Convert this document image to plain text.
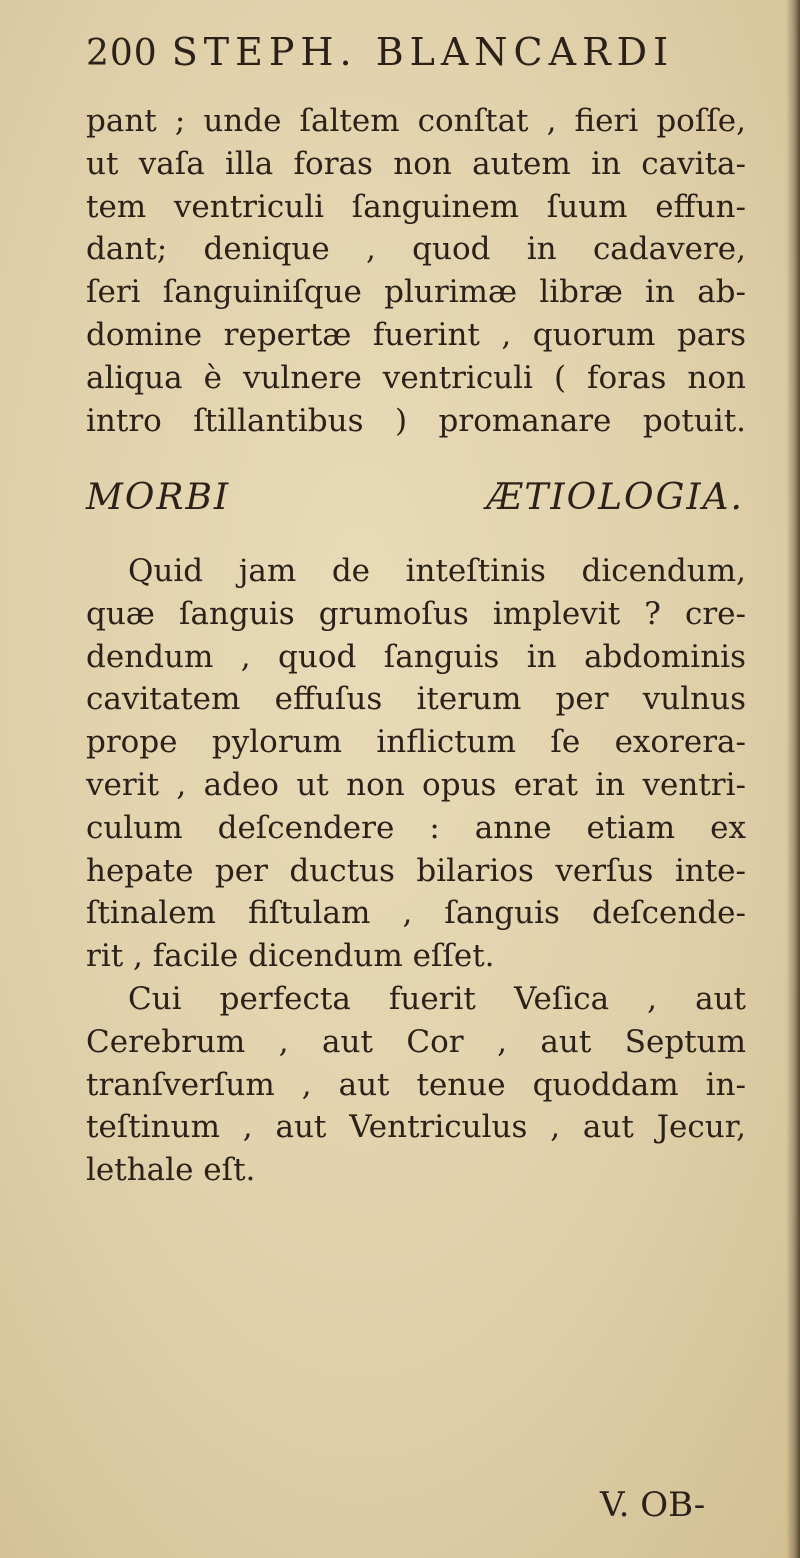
200 STEPH. BLANCARDI
pant ; unde ſaltem conſtat , fieri poſſe,
ut vaſa illa foras non autem in cavita-
tem ventriculi ſanguinem ſuum effun-
dant; denique , quod in cadavere,
ſeri ſanguiniſque plurimæ libræ in ab-
domine repertæ fuerint , quorum pars
aliqua è vulnere ventriculi ( foras non
intro ſtillantibus ) promanare potuit.
MORBI ÆTIOLOGIA.
Quid jam de inteſtinis dicendum,
quæ ſanguis grumoſus implevit ? cre-
dendum , quod ſanguis in abdominis
cavitatem effuſus iterum per vulnus
prope pylorum inflictum ſe exorera-
verit , adeo ut non opus erat in ventri-
culum deſcendere : anne etiam ex
hepate per ductus bilarios verſus inte-
ſtinalem fiſtulam , ſanguis deſcende-
rit , facile dicendum eſſet.
Cui perfecta fuerit Veſica , aut
Cerebrum , aut Cor , aut Septum
tranſverſum , aut tenue quoddam in-
teſtinum , aut Ventriculus , aut Jecur,
lethale eſt.
V. OB-
